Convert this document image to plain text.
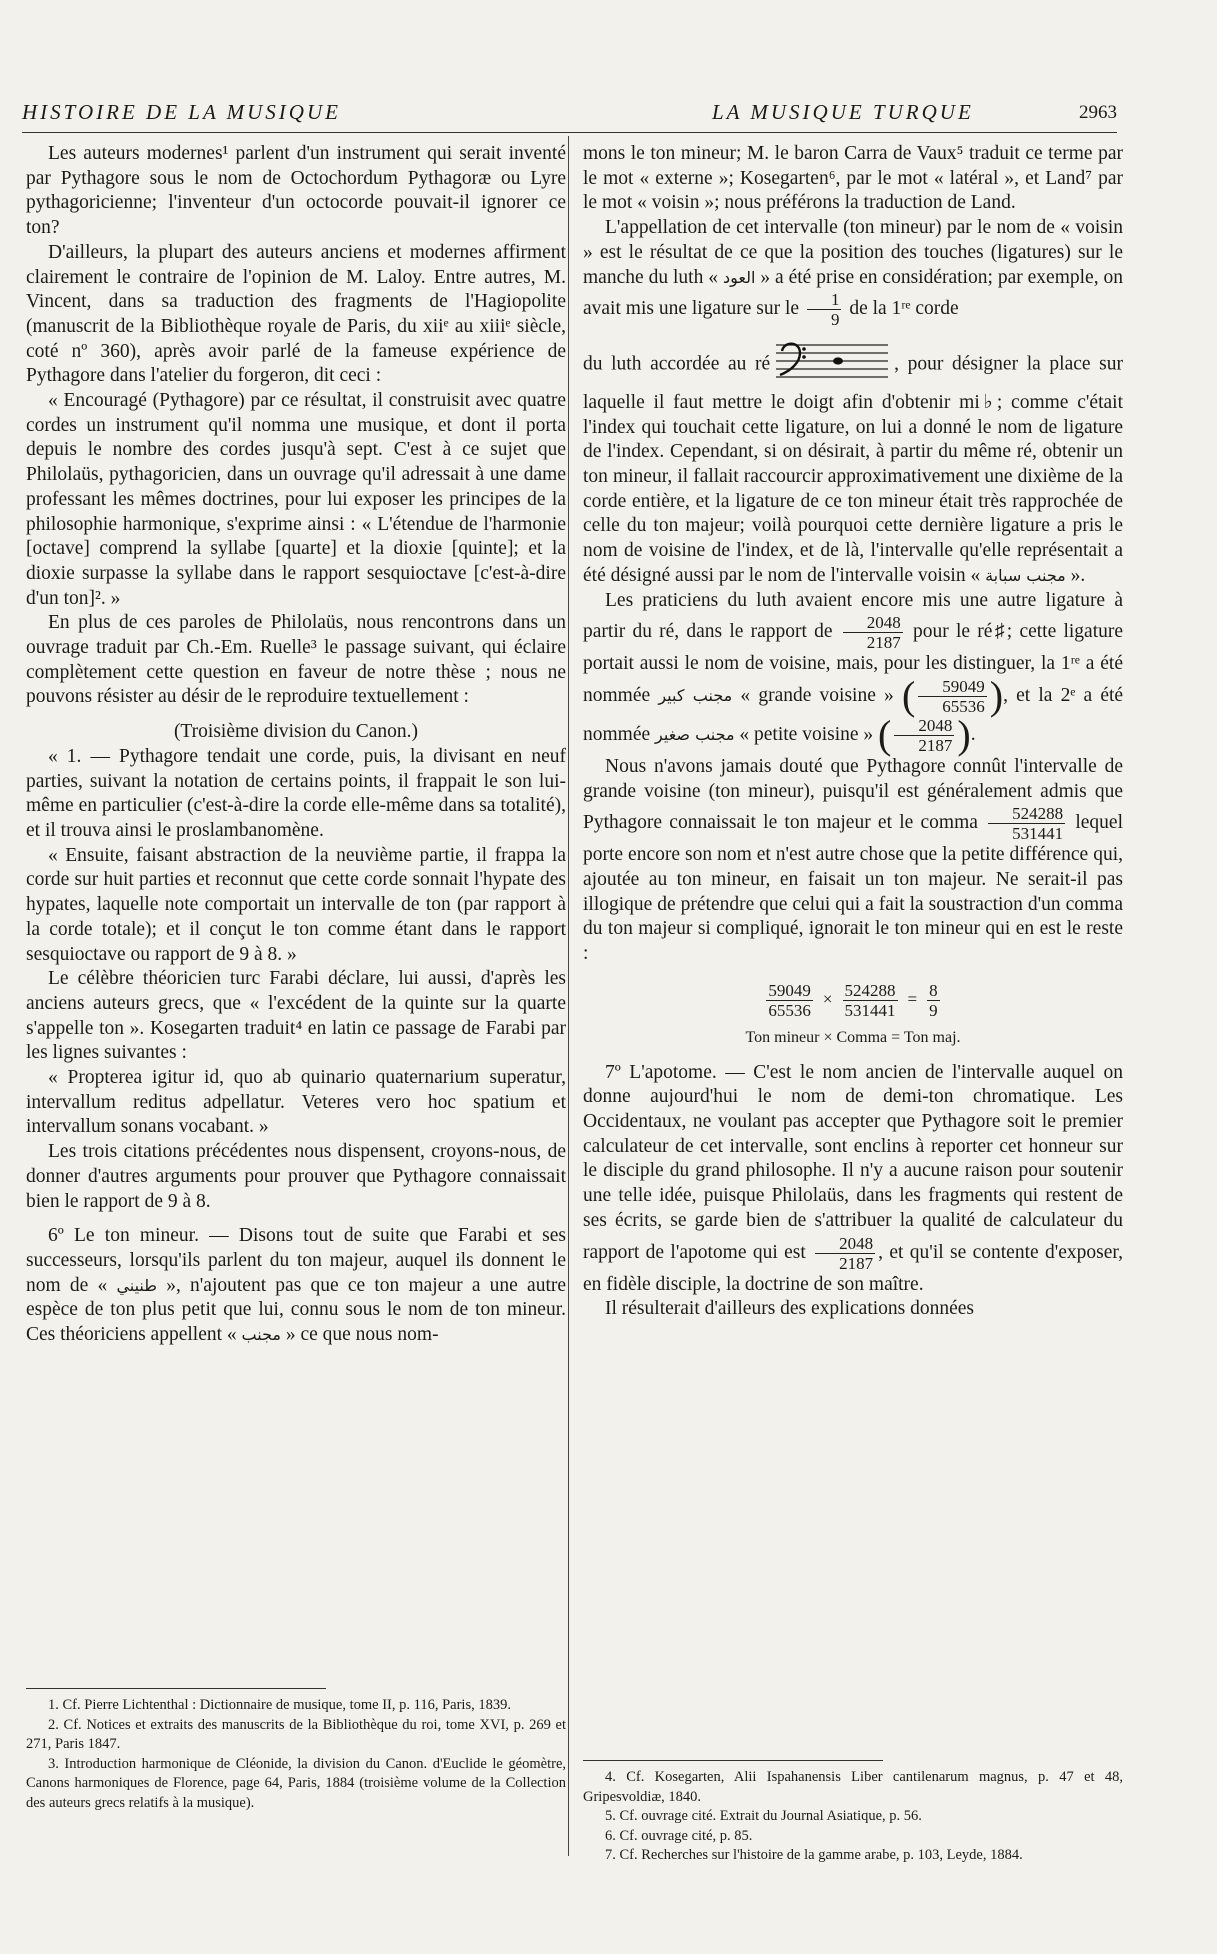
HISTOIRE DE LA MUSIQUE	LA MUSIQUE TURQUE	2963

Les auteurs modernes¹ parlent d'un instrument qui serait inventé par Pythagore sous le nom de Octochordum Pythagoræ ou Lyre pythagoricienne; l'inventeur d'un octocorde pouvait-il ignorer ce ton?

D'ailleurs, la plupart des auteurs anciens et modernes affirment clairement le contraire de l'opinion de M. Laloy. Entre autres, M. Vincent, dans sa traduction des fragments de l'Hagiopolite (manuscrit de la Bibliothèque royale de Paris, du xiiᵉ au xiiiᵉ siècle, coté nº 360), après avoir parlé de la fameuse expérience de Pythagore dans l'atelier du forgeron, dit ceci :

« Encouragé (Pythagore) par ce résultat, il construisit avec quatre cordes un instrument qu'il nomma une musique, et dont il porta depuis le nombre des cordes jusqu'à sept. C'est à ce sujet que Philolaüs, pythagoricien, dans un ouvrage qu'il adressait à une dame professant les mêmes doctrines, pour lui exposer les principes de la philosophie harmonique, s'exprime ainsi : « L'étendue de l'harmonie [octave] comprend la syllabe [quarte] et la dioxie [quinte]; et la dioxie surpasse la syllabe dans le rapport sesquioctave [c'est-à-dire d'un ton]². »

En plus de ces paroles de Philolaüs, nous rencontrons dans un ouvrage traduit par Ch.-Em. Ruelle³ le passage suivant, qui éclaire complètement cette question en faveur de notre thèse ; nous ne pouvons résister au désir de le reproduire textuellement :

(Troisième division du Canon.)

« 1. — Pythagore tendait une corde, puis, la divisant en neuf parties, suivant la notation de certains points, il frappait le son lui-même en particulier (c'est-à-dire la corde elle-même dans sa totalité), et il trouva ainsi le proslambanomène.

« Ensuite, faisant abstraction de la neuvième partie, il frappa la corde sur huit parties et reconnut que cette corde sonnait l'hypate des hypates, laquelle note comportait un intervalle de ton (par rapport à la corde totale); et il conçut le ton comme étant dans le rapport sesquioctave ou rapport de 9 à 8. »

Le célèbre théoricien turc Farabi déclare, lui aussi, d'après les anciens auteurs grecs, que « l'excédent de la quinte sur la quarte s'appelle ton ». Kosegarten traduit⁴ en latin ce passage de Farabi par les lignes suivantes :

« Propterea igitur id, quo ab quinario quaternarium superatur, intervallum reditus adpellatur. Veteres vero hoc spatium et intervallum sonans vocabant. »

Les trois citations précédentes nous dispensent, croyons-nous, de donner d'autres arguments pour prouver que Pythagore connaissait bien le rapport de 9 à 8.

6º Le ton mineur. — Disons tout de suite que Farabi et ses successeurs, lorsqu'ils parlent du ton majeur, auquel ils donnent le nom de « طنيني », n'ajoutent pas que ce ton majeur a une autre espèce de ton plus petit que lui, connu sous le nom de ton mineur. Ces théoriciens appellent « مجنب » ce que nous nom-

1. Cf. Pierre Lichtenthal : Dictionnaire de musique, tome II, p. 116, Paris, 1839.

2. Cf. Notices et extraits des manuscrits de la Bibliothèque du roi, tome XVI, p. 269 et 271, Paris 1847.

3. Introduction harmonique de Cléonide, la division du Canon. d'Euclide le géomètre, Canons harmoniques de Florence, page 64, Paris, 1884 (troisième volume de la Collection des auteurs grecs relatifs à la musique).

mons le ton mineur; M. le baron Carra de Vaux⁵ traduit ce terme par le mot « externe »; Kosegarten⁶, par le mot « latéral », et Land⁷ par le mot « voisin »; nous préférons la traduction de Land.

L'appellation de cet intervalle (ton mineur) par le nom de « voisin » est le résultat de ce que la position des touches (ligatures) sur le manche du luth « العود » a été prise en considération; par exemple, on avait mis une ligature sur le $\frac{1}{9}$ de la 1ʳᵉ corde

du luth accordée au ré	, pour désigner la place sur laquelle il faut mettre le doigt afin d'obtenir mi♭; comme c'était l'index qui touchait cette ligature, on lui a donné le nom de ligature de l'index. Cependant, si on désirait, à partir du même ré, obtenir un ton mineur, il fallait raccourcir approximativement une dixième de la corde entière, et la ligature de ce ton mineur était très rapprochée de celle du ton majeur; voilà pourquoi cette dernière ligature a pris le nom de voisine de l'index, et de là, l'intervalle qu'elle représentait a été désigné aussi par le nom de l'intervalle voisin « مجنب سبابة ».

Les praticiens du luth avaient encore mis une autre ligature à partir du ré, dans le rapport de $\frac{2048}{2187}$ pour le ré♯; cette ligature portait aussi le nom de voisine, mais, pour les distinguer, la 1ʳᵉ a été nommée مجنب كبير « grande voisine » ( $\frac{59049}{65536}$ ), et la 2ᵉ a été nommée مجنب صغير « petite voisine » ( $\frac{2048}{2187}$ ).

Nous n'avons jamais douté que Pythagore connût l'intervalle de grande voisine (ton mineur), puisqu'il est généralement admis que Pythagore connaissait le ton majeur et le comma $\frac{524288}{531441}$ lequel porte encore son nom et n'est autre chose que la petite différence qui, ajoutée au ton mineur, en faisait un ton majeur. Ne serait-il pas illogique de prétendre que celui qui a fait la soustraction d'un comma du ton majeur si compliqué, ignorait le ton mineur qui en est le reste :

$\frac{59049}{65536} \times \frac{524288}{531441} = \frac{8}{9}$
Ton mineur × Comma = Ton maj.

7º L'apotome. — C'est le nom ancien de l'intervalle auquel on donne aujourd'hui le nom de demi-ton chromatique. Les Occidentaux, ne voulant pas accepter que Pythagore soit le premier calculateur de cet intervalle, sont enclins à reporter cet honneur sur le disciple du grand philosophe. Il n'y a aucune raison pour soutenir une telle idée, puisque Philolaüs, dans les fragments qui restent de ses écrits, se garde bien de s'attribuer la qualité de calculateur du rapport de l'apotome qui est $\frac{2048}{2187}$ , et qu'il se contente d'exposer, en fidèle disciple, la doctrine de son maître.

Il résulterait d'ailleurs des explications données

4. Cf. Kosegarten, Alii Ispahanensis Liber cantilenarum magnus, p. 47 et 48, Gripesvoldiæ, 1840.

5. Cf. ouvrage cité. Extrait du Journal Asiatique, p. 56.

6. Cf. ouvrage cité, p. 85.

7. Cf. Recherches sur l'histoire de la gamme arabe, p. 103, Leyde, 1884.
